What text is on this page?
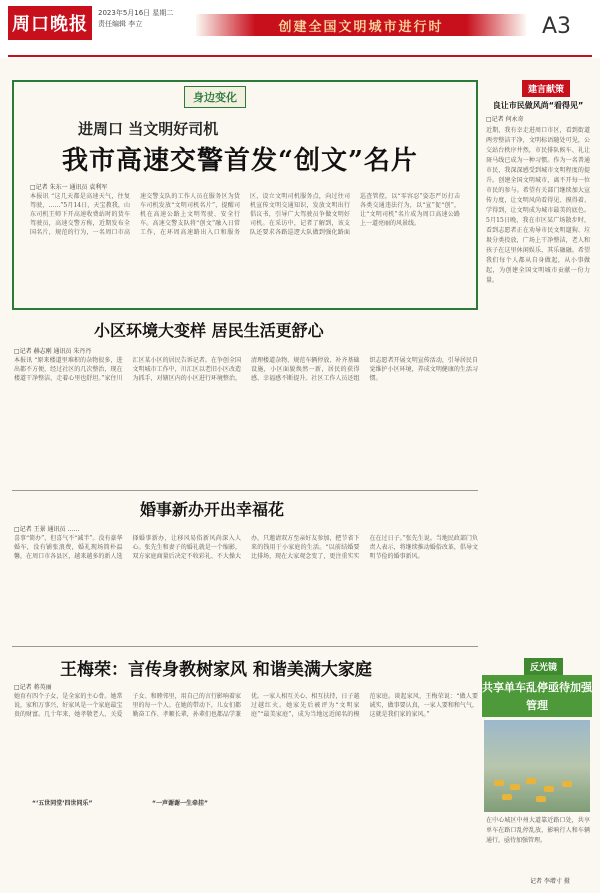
周口晚报
2023年5月16日 星期二
责任编辑 李立	创建全国文明城市进行时	A3
身边变化
进周口 当文明好司机
我市高速交警首发“创文”名片
□记者 朱东一 通讯员 袁利军
本报讯 “这几天都是高速天气，往复驾驶，……”5月14日，天宝教我，山东司机王师下开高速收费站时的货车驾驶员，高速交警方称，近期发布全国名片，规范的行为，一名周口市高速交警支队的工作人员在服务区为货车司机发放“文明司机名片”，提醒司机在高速公路上文明驾驶、安全行车。高速交警支队将“创文”融入日常工作，在环周高速路出入口和服务区，设立文明司机服务点，向过往司机宣传文明交通知识，发放文明出行倡议书，引导广大驾驶员争做文明好司机。在采访中，记者了解到，该支队还要求各路巡逻大队做到强化路面巡查管控，以“零容忍”姿态严厉打击各类交通违法行为，以“宣”促“创”，让“文明司机”名片成为周口高速公路上一道亮丽的风景线。
小区环境大变样 居民生活更舒心
□记者 赫志刚 通讯员 朱丹丹
本报讯 “原来楼道里堆积的杂物很多，进出都不方便，经过社区的几次整治，现在楼道干净整洁，走着心里也舒坦。”家住川汇区某小区的居民告诉记者。在争创全国文明城市工作中，川汇区以老旧小区改造为抓手，对辖区内的小区进行环境整治，清理楼道杂物、规范车辆停放、补齐基础设施，小区面貌焕然一新，居民的获得感、幸福感不断提升。社区工作人员还组织志愿者开展文明宣传活动，引导居民自觉维护小区环境，养成文明健康的生活习惯。
婚事新办开出幸福花
□记者 王景 通讯员 ……
喜事“简办”，但喜气不“减半”。没有豪华婚车，没有铺张浪费，婚礼现场简朴温馨，在周口市各县区，越来越多的新人选择婚事新办，让移风易俗新风尚深入人心。张先生和妻子的婚礼就是一个缩影，双方家庭商量后决定不收彩礼、不大操大办，只邀请双方至亲好友参加，把节省下来的钱用于小家庭的生活。“以前结婚要比排场，现在大家观念变了，更注重实实在在过日子。”张先生说。当地民政部门负责人表示，将继续推动婚俗改革，倡导文明节俭的婚事新风。
王梅荣：言传身教树家风 和谐美满大家庭
□记者 蒋英丽
她育有四个子女，是全家的主心骨。她常说，家和万事兴，好家风是一个家庭最宝贵的财富。几十年来，她孝敬老人、关爱子女、和睦邻里，用自己的言行影响着家里的每一个人。在她的带动下，儿女们都勤奋工作、孝顺长辈，孙辈们也都品学兼优。一家人相互关心、相互扶持，日子越过越红火。她家先后被评为“文明家庭”“最美家庭”，成为当地远近闻名的模范家庭。谈起家风，王梅荣说：“做人要诚实，做事要认真，一家人要和和气气，这就是我们家的家风。”
“‘五世同堂’四世同乐”	“一声谢谢一生牵挂”
建言献策
良让市民做风尚“看得见”
□记者 何永奇
近期，我有幸走进周口市区，看到街道两旁整洁干净，文明标语随处可见，公交站台秩序井然，市民排队候车、礼让斑马线已成为一种习惯。作为一名普通市民，我深深感受到城市文明程度的提升。创建全国文明城市，离不开每一位市民的参与。希望有关部门继续加大宣传力度，让文明风尚看得见、摸得着、学得到，让文明成为城市最美的底色。5月15日晚，我在市区某广场散步时，看到志愿者正在劝导市民文明遛狗、垃圾分类投放，广场上干净整洁，老人和孩子在这里休闲娱乐，其乐融融。希望我们每个人都从自身做起，从小事做起，为创建全国文明城市贡献一份力量。
反光镜
共享单车乱停亟待加强管理
在中心城区中州大道靠近路口处，共享单车在路口乱停乱放，影响行人和车辆通行，亟待加强管理。
记者 李增寸 摄
